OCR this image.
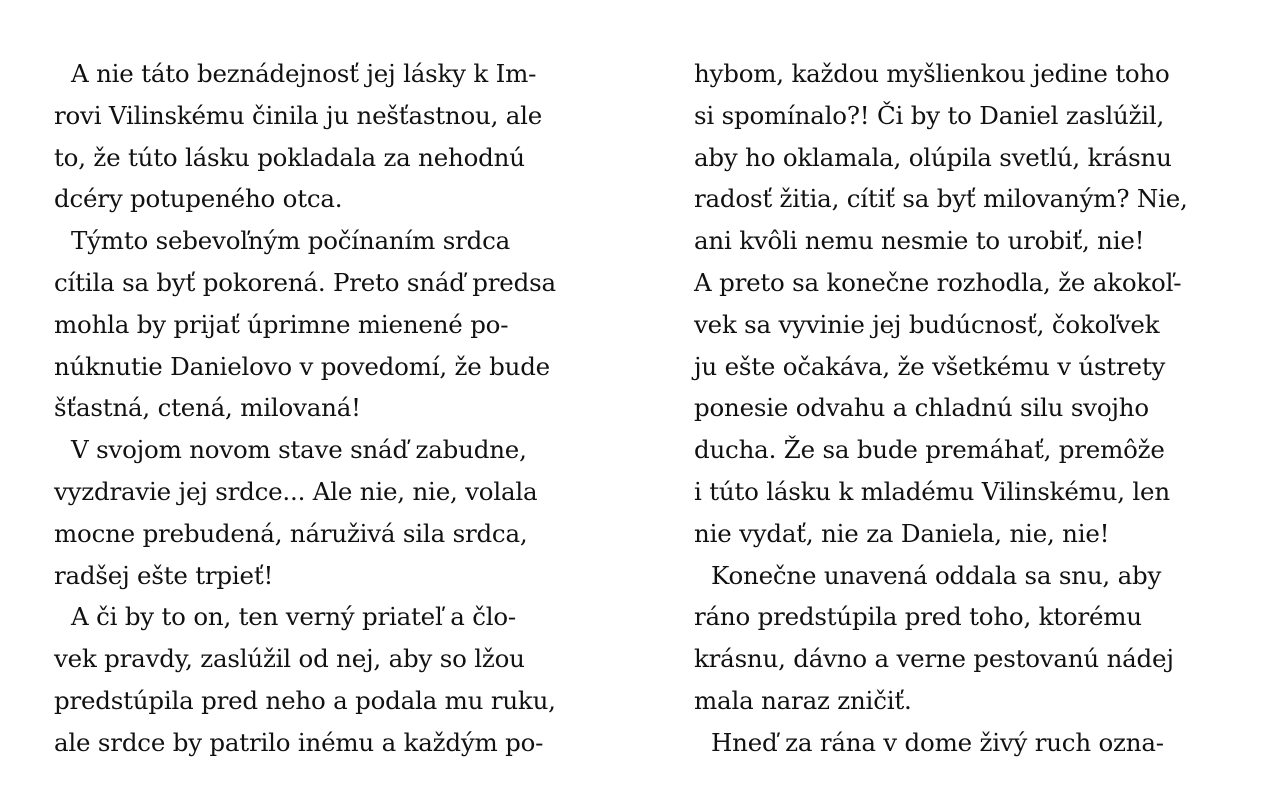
A nie táto beznádejnosť jej lásky k Im-
rovi Vilinskému činila ju nešťastnou, ale
to, že túto lásku pokladala za nehodnú
dcéry potupeného otca.
Týmto sebevoľným počínaním srdca
cítila sa byť pokorená. Preto snáď predsa
mohla by prijať úprimne mienené po-
núknutie Danielovo v povedomí, že bude
šťastná, ctená, milovaná!
V svojom novom stave snáď zabudne,
vyzdravie jej srdce... Ale nie, nie, volala
mocne prebudená, náruživá sila srdca,
radšej ešte trpieť!
A či by to on, ten verný priateľ a člo-
vek pravdy, zaslúžil od nej, aby so lžou
predstúpila pred neho a podala mu ruku,
ale srdce by patrilo inému a každým po-
hybom, každou myšlienkou jedine toho
si spomínalo?! Či by to Daniel zaslúžil,
aby ho oklamala, olúpila svetlú, krásnu
radosť žitia, cítiť sa byť milovaným? Nie,
ani kvôli nemu nesmie to urobiť, nie!
A preto sa konečne rozhodla, že akokoľ-
vek sa vyvinie jej budúcnosť, čokoľvek
ju ešte očakáva, že všetkému v ústrety
ponesie odvahu a chladnú silu svojho
ducha. Že sa bude premáhať, premôže
i túto lásku k mladému Vilinskému, len
nie vydať, nie za Daniela, nie, nie!
Konečne unavená oddala sa snu, aby
ráno predstúpila pred toho, ktorému
krásnu, dávno a verne pestovanú nádej
mala naraz zničiť.
Hneď za rána v dome živý ruch ozna-
